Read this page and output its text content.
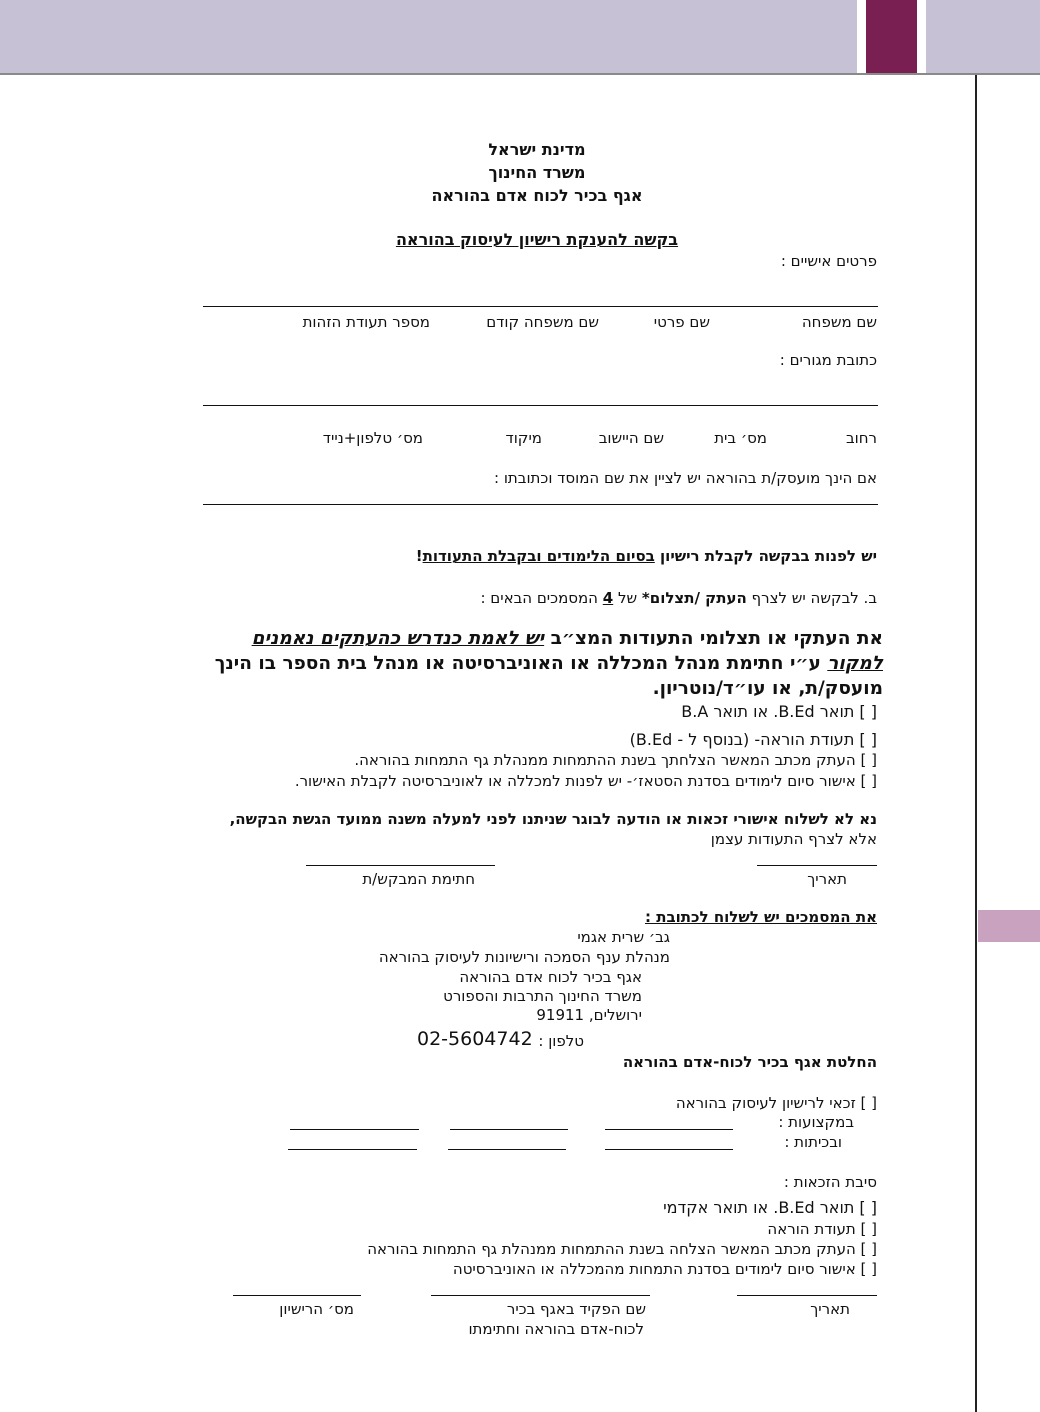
מדינת ישראל
משרד החינוך
אגף בכיר לכוח אדם בהוראה
בקשה להענקת רישיון לעיסוק בהוראה
פרטים אישיים :
שם משפחה
שם פרטי
שם משפחה קודם
מספר תעודת הזהות
כתובת מגורים :
רחוב
מס׳ בית
שם היישוב
מיקוד
מס׳ טלפון+נייד
אם הינך מועסק/ת בהוראה יש לציין את שם המוסד וכתובתו :
יש לפנות בבקשה לקבלת רישיון בסיום הלימודים ובקבלת התעודות!
ב. לבקשה יש לצרף העתק /תצלום* של 4 המסמכים הבאים :
את העתקי או תצלומי התעודות המצ״ב יש לאמת כנדרש כהעתקים נאמנים למקור ע״י חתימת מנהל המכללה או האוניברסיטה או מנהל בית הספר בו הינך מועסק/ת, או עו״ד/נוטריון.
[ ] תואר B.Ed. או תואר B.A
[ ] תעודת הוראה- (בנוסף ל - B.Ed)
[ ] העתק מכתב המאשר הצלחתך בשנת ההתמחות ממנהלת גף התמחות בהוראה.
[ ] אישור סיום לימודים בסדנת הסטאז׳- יש לפנות למכללה או לאוניברסיטה לקבלת האישור.
נא לא לשלוח אישורי זכאות או הודעה לבוגר שניתנו לפני למעלה משנה ממועד הגשת הבקשה,
אלא לצרף התעודות עצמן
תאריך
חתימת המבקש/ת
את המסמכים יש לשלוח לכתובת :
גב׳ שרית אגמי
מנהלת ענף הסמכה ורישיונות לעיסוק בהוראה
אגף בכיר לכוח אדם בהוראה
משרד החינוך התרבות והספורט
ירושלים, 91911
טלפון :
02-5604742
החלטת אגף בכיר לכוח-אדם בהוראה
[ ] זכאי לרישיון לעיסוק בהוראה
במקצועות :
ובכיתות :
סיבת הזכאות :
[ ] תואר B.Ed. או תואר אקדמי
[ ] תעודת הוראה
[ ] העתק מכתב המאשר הצלחה בשנת ההתמחות ממנהלת גף התמחות בהוראה
[ ] אישור סיום לימודים בסדנת התמחות מהמכללה או האוניברסיטה
תאריך
שם הפקיד באגף בכיר
לכוח-אדם בהוראה וחתימתו
מס׳ הרישיון
